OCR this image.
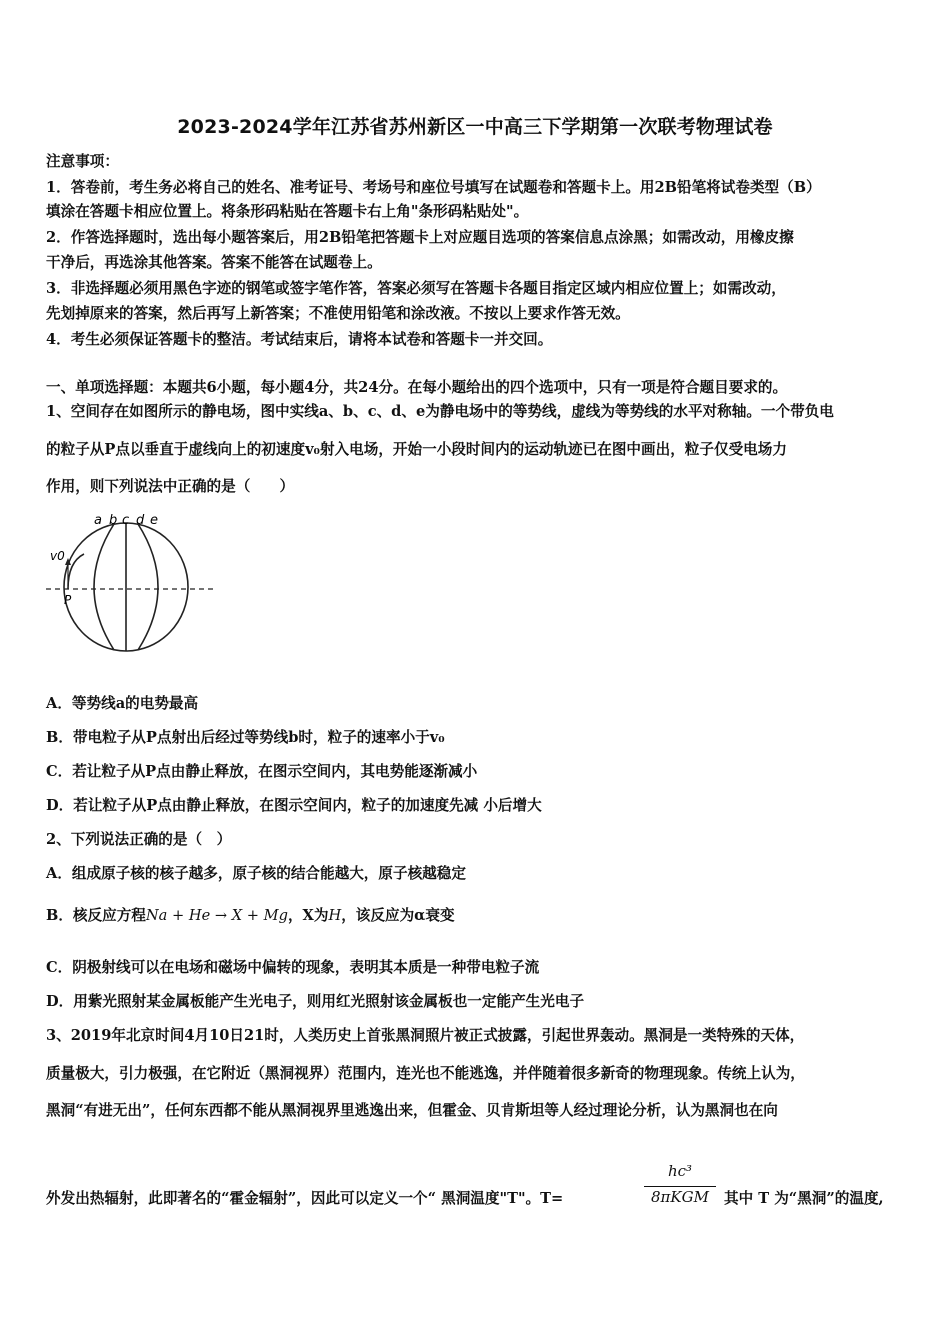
2023-2024学年江苏省苏州新区一中高三下学期第一次联考物理试卷
注意事项：
1．答卷前，考生务必将自己的姓名、准考证号、考场号和座位号填写在试题卷和答题卡上。用2B铅笔将试卷类型（B）
填涂在答题卡相应位置上。将条形码粘贴在答题卡右上角"条形码粘贴处"。
2．作答选择题时，选出每小题答案后，用2B铅笔把答题卡上对应题目选项的答案信息点涂黑；如需改动，用橡皮擦
干净后，再选涂其他答案。答案不能答在试题卷上。
3．非选择题必须用黑色字迹的钢笔或签字笔作答，答案必须写在答题卡各题目指定区域内相应位置上；如需改动，
先划掉原来的答案，然后再写上新答案；不准使用铅笔和涂改液。不按以上要求作答无效。
4．考生必须保证答题卡的整洁。考试结束后，请将本试卷和答题卡一并交回。
一、单项选择题：本题共6小题，每小题4分，共24分。在每小题给出的四个选项中，只有一项是符合题目要求的。
1、空间存在如图所示的静电场，图中实线a、b、c、d、e为静电场中的等势线，虚线为等势线的水平对称轴。一个带负电
的粒子从P点以垂直于虚线向上的初速度v₀射入电场，开始一小段时间内的运动轨迹已在图中画出，粒子仅受电场力
作用，则下列说法中正确的是（　　）
a b c d e
v0
P
A．等势线a的电势最高
B．带电粒子从P点射出后经过等势线b时，粒子的速率小于v₀
C．若让粒子从P点由静止释放，在图示空间内，其电势能逐渐减小
D．若让粒子从P点由静止释放，在图示空间内，粒子的加速度先减 小后增大
2、下列说法正确的是（　）
A．组成原子核的核子越多，原子核的结合能越大，原子核越稳定
B．核反应方程Na + He → X + Mg，X为H，该反应为α衰变
C．阴极射线可以在电场和磁场中偏转的现象，表明其本质是一种带电粒子流
D．用紫光照射某金属板能产生光电子，则用红光照射该金属板也一定能产生光电子
3、2019年北京时间4月10日21时，人类历史上首张黑洞照片被正式披露，引起世界轰动。黑洞是一类特殊的天体，
质量极大，引力极强，在它附近（黑洞视界）范围内，连光也不能逃逸，并伴随着很多新奇的物理现象。传统上认为，
黑洞“有进无出”，任何东西都不能从黑洞视界里逃逸出来，但霍金、贝肯斯坦等人经过理论分析，认为黑洞也在向
外发出热辐射，此即著名的“霍金辐射”，因此可以定义一个“ 黑洞温度"T"。T=
hc³
8πKGM	其中 T 为“黑洞”的温度,
